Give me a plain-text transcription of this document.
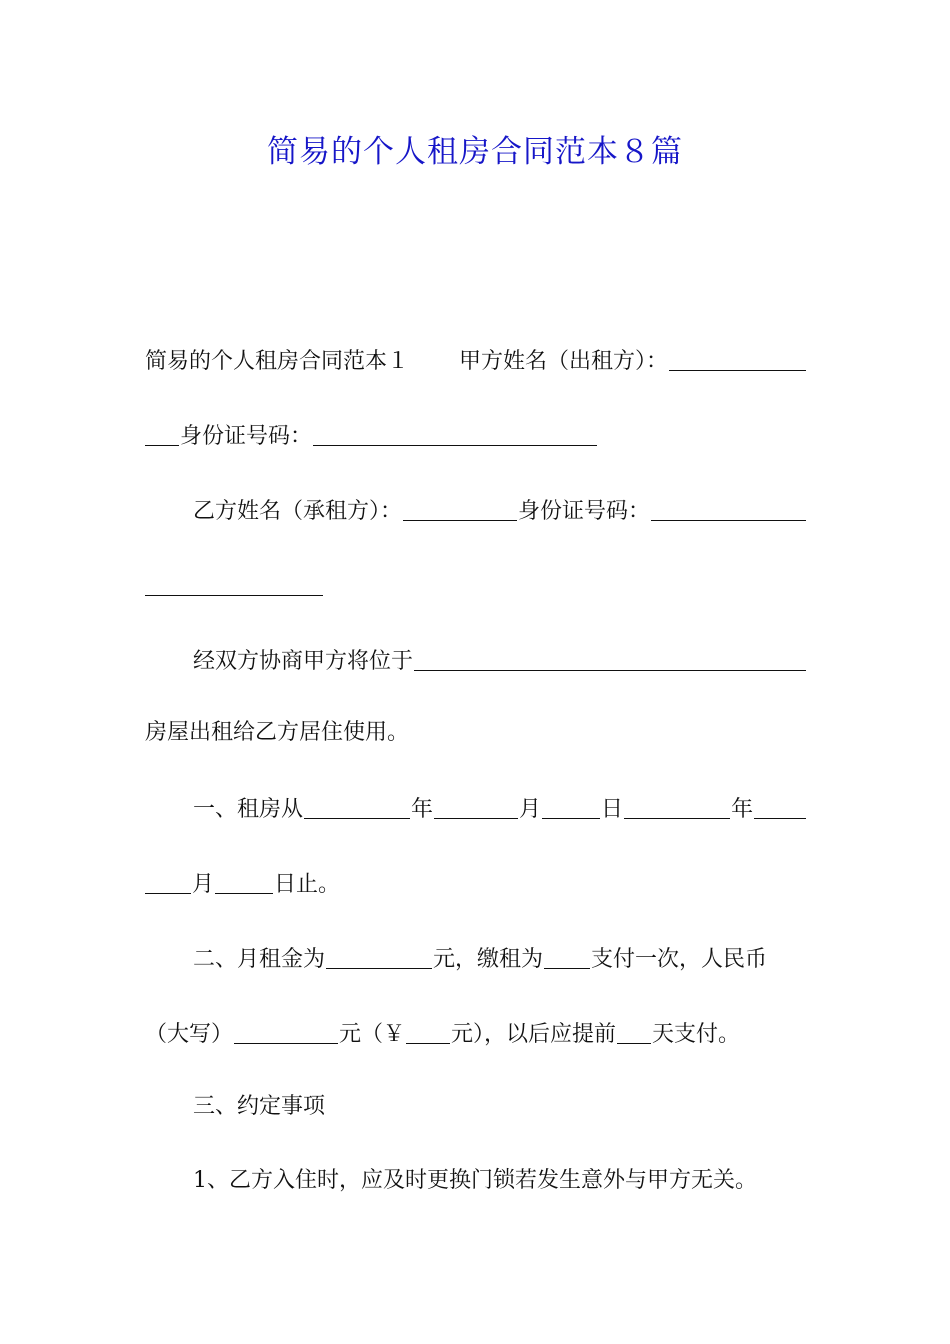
简易的个人租房合同范本８篇
简易的个人租房合同范本１ 甲方姓名（出租方）：
身份证号码：
乙方姓名（承租方）：	身份证号码：
经双方协商甲方将位于
房屋出租给乙方居住使用。
一、租房从	年	月	日	年
月	日止。
二、月租金为	元，缴租为 支付一次，人民币
（大写）	元（￥ 元），以后应提前 天支付。
三、约定事项
1、乙方入住时，应及时更换门锁若发生意外与甲方无关。
